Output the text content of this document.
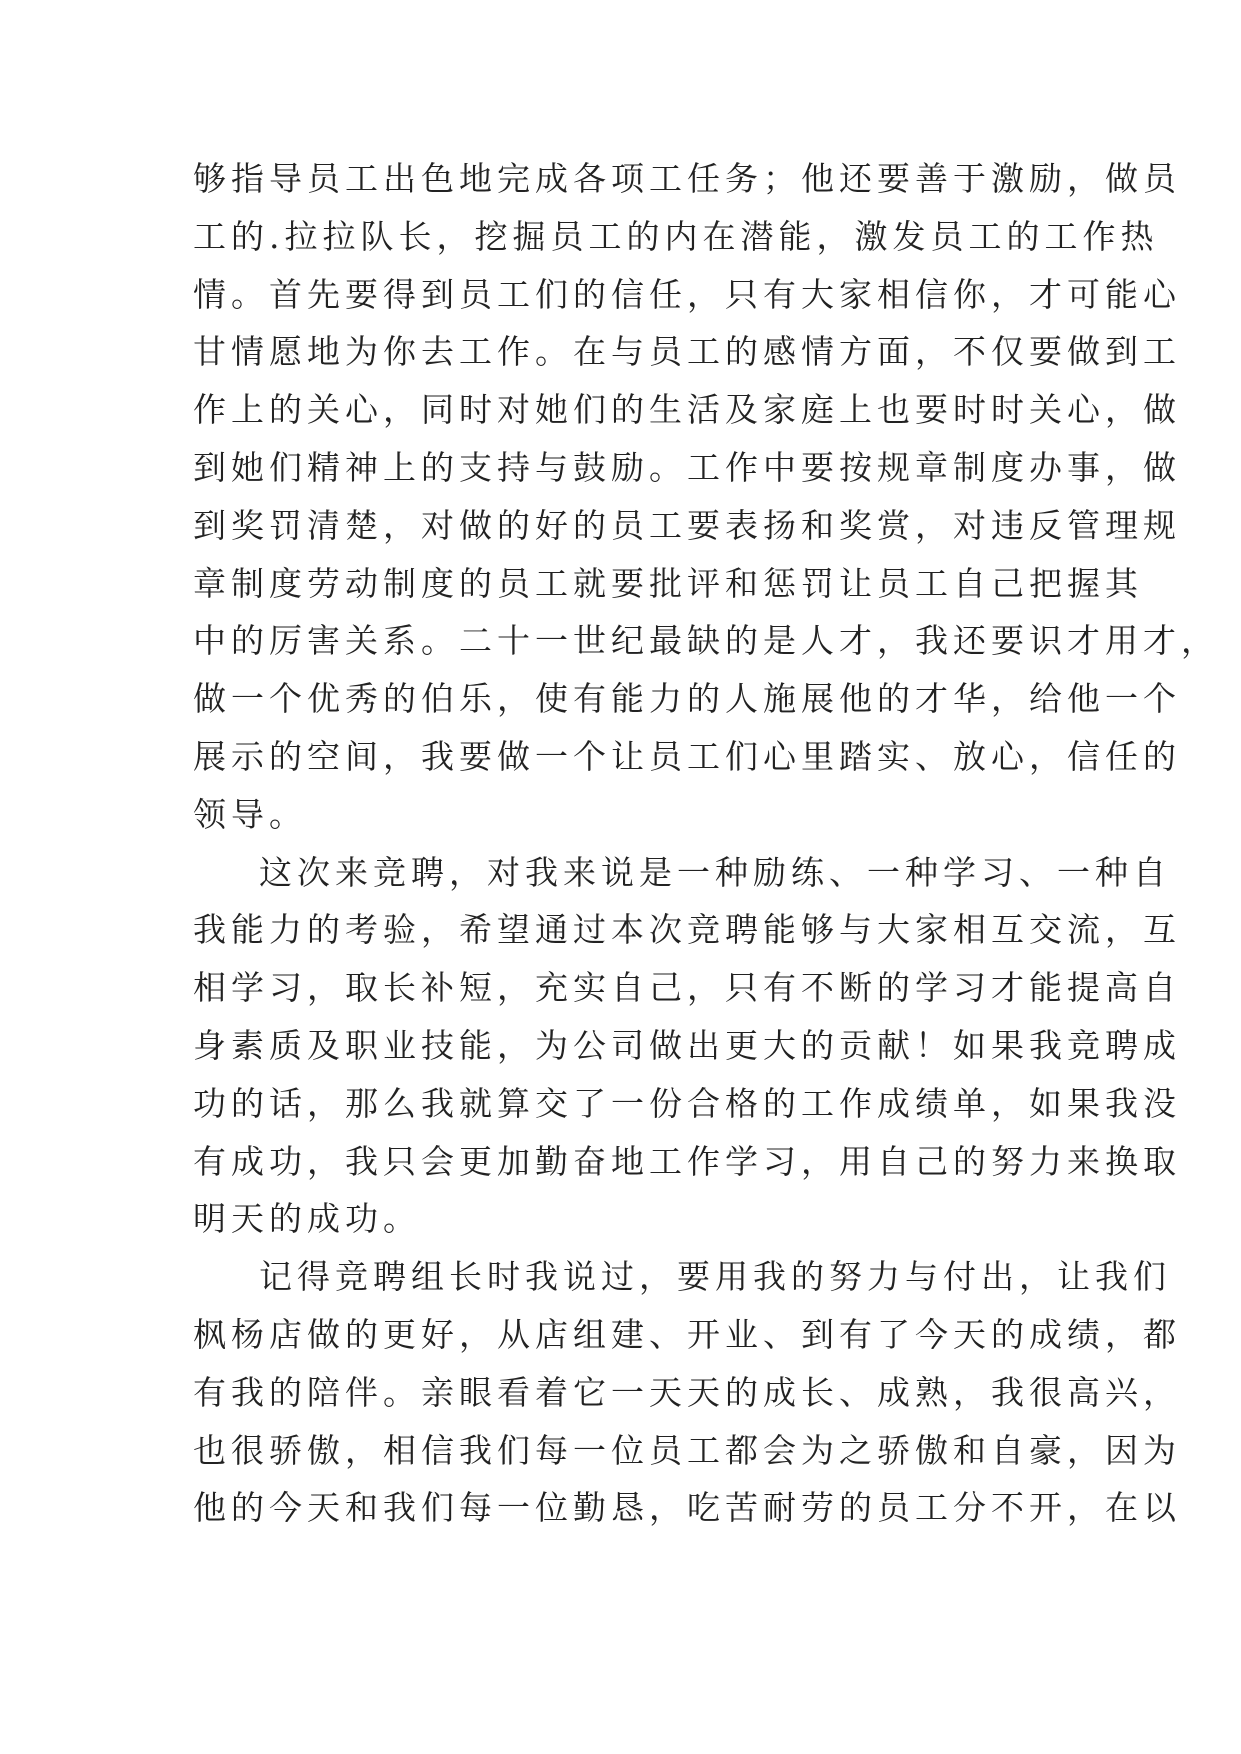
够指导员工出色地完成各项工任务；他还要善于激励，做员
工的.拉拉队长，挖掘员工的内在潜能，激发员工的工作热
情。首先要得到员工们的信任，只有大家相信你，才可能心
甘情愿地为你去工作。在与员工的感情方面，不仅要做到工
作上的关心，同时对她们的生活及家庭上也要时时关心，做
到她们精神上的支持与鼓励。工作中要按规章制度办事，做
到奖罚清楚，对做的好的员工要表扬和奖赏，对违反管理规
章制度劳动制度的员工就要批评和惩罚让员工自己把握其
中的厉害关系。二十一世纪最缺的是人才，我还要识才用才，
做一个优秀的伯乐，使有能力的人施展他的才华，给他一个
展示的空间，我要做一个让员工们心里踏实、放心，信任的
领导。
这次来竞聘，对我来说是一种励练、一种学习、一种自
我能力的考验，希望通过本次竞聘能够与大家相互交流，互
相学习，取长补短，充实自己，只有不断的学习才能提高自
身素质及职业技能，为公司做出更大的贡献！如果我竞聘成
功的话，那么我就算交了一份合格的工作成绩单，如果我没
有成功，我只会更加勤奋地工作学习，用自己的努力来换取
明天的成功。
记得竞聘组长时我说过，要用我的努力与付出，让我们
枫杨店做的更好，从店组建、开业、到有了今天的成绩，都
有我的陪伴。亲眼看着它一天天的成长、成熟，我很高兴，
也很骄傲，相信我们每一位员工都会为之骄傲和自豪，因为
他的今天和我们每一位勤恳，吃苦耐劳的员工分不开，在以
